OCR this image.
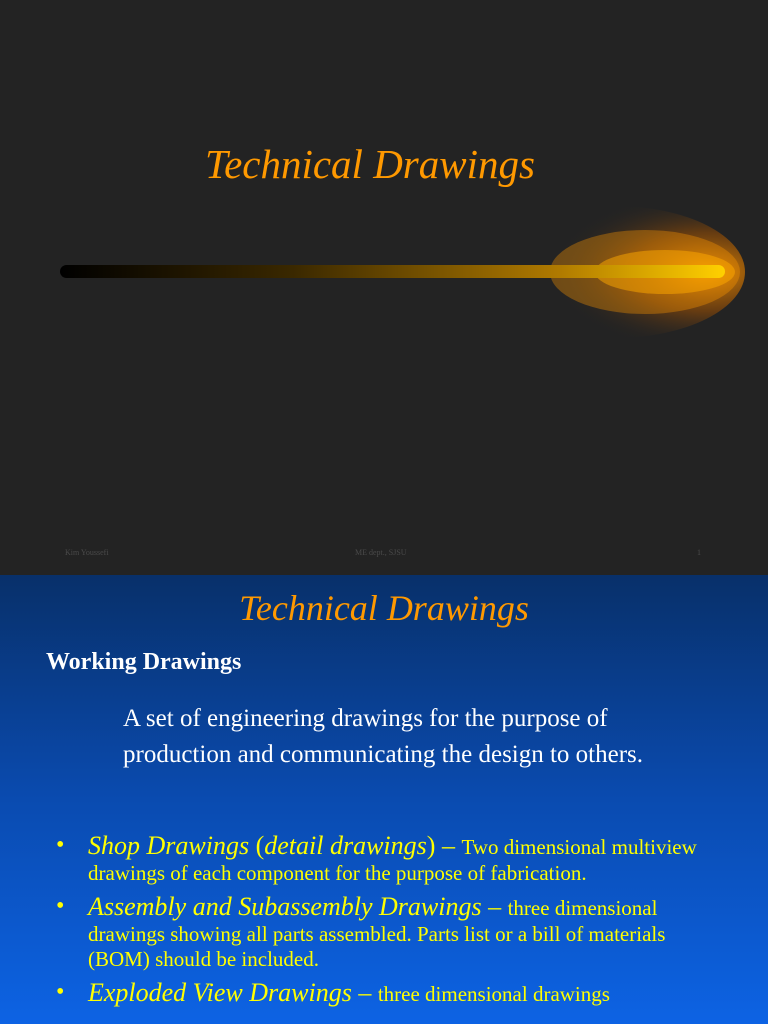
Technical Drawings
Kim Youssefi	ME dept., SJSU	1
Technical Drawings
Working Drawings
A set of engineering drawings for the purpose of production and communicating the design to others.
• Shop Drawings (detail drawings) – Two dimensional multiview drawings of each component for the purpose of fabrication.
• Assembly and Subassembly Drawings – three dimensional drawings showing all parts assembled. Parts list or a bill of materials (BOM) should be included.
• Exploded View Drawings – three dimensional drawings
